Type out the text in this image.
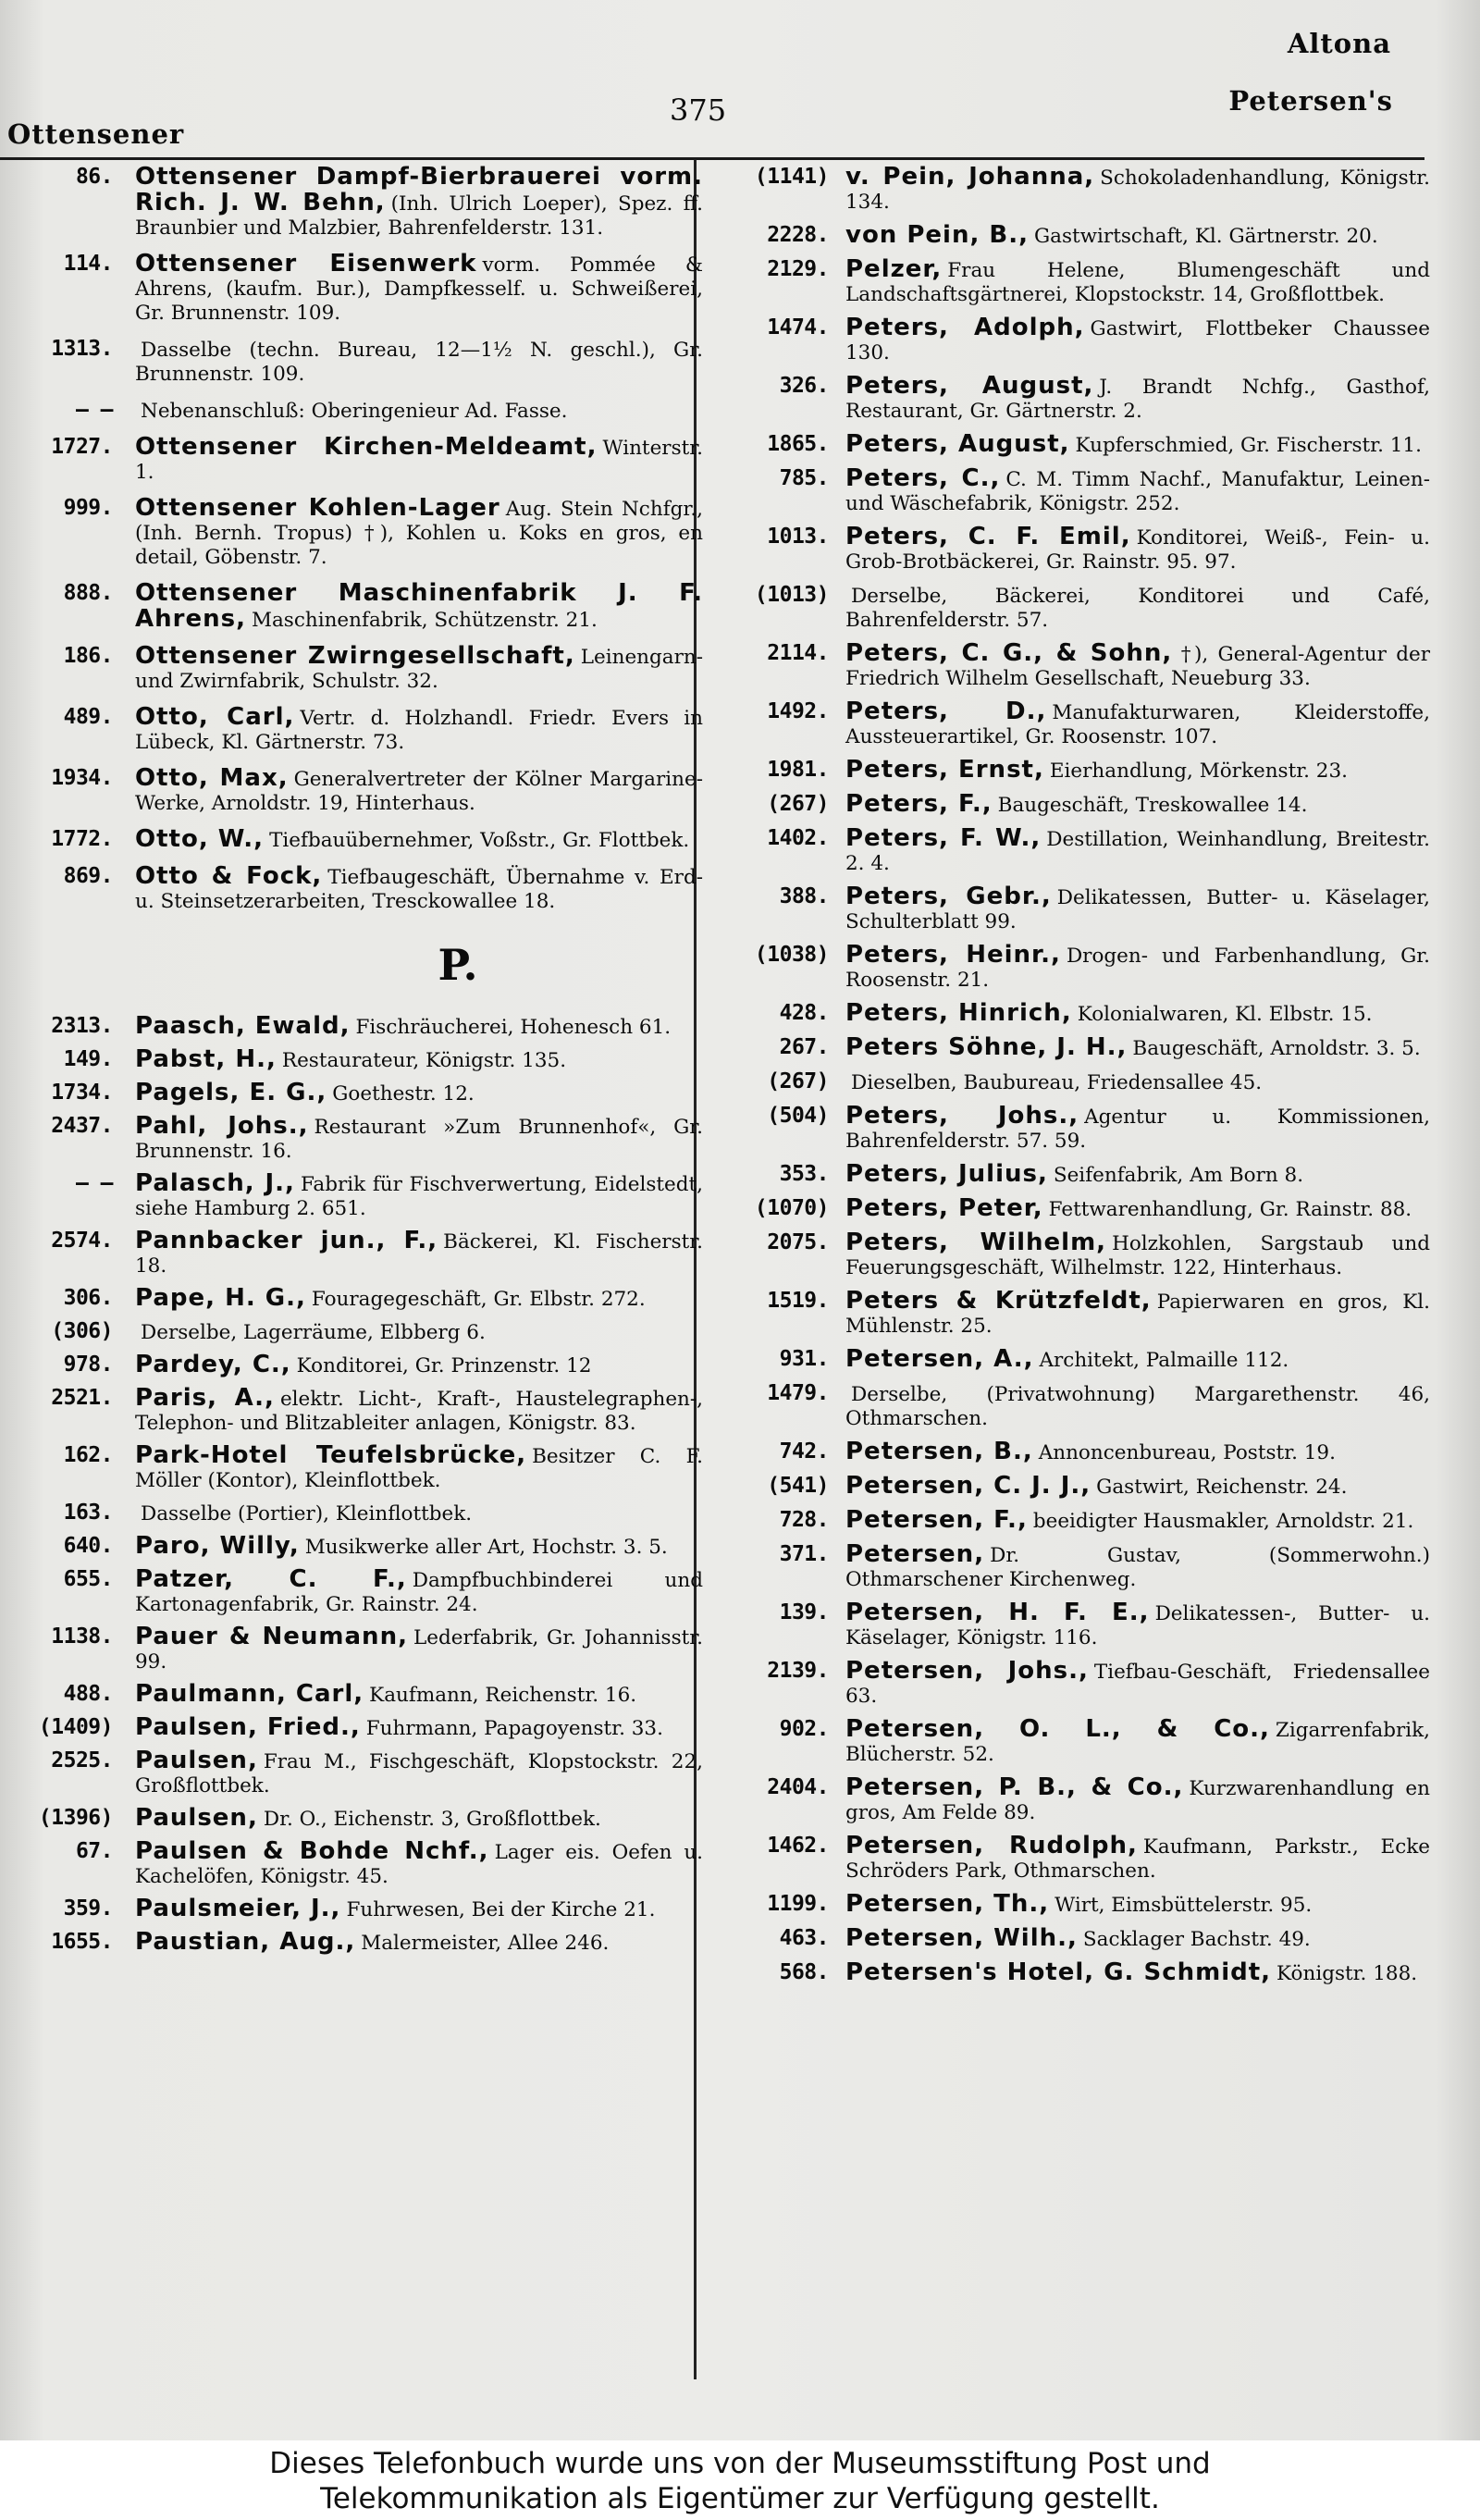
Altona

375

Ottensener

Petersen's

86. Ottensener Dampf-Bierbrauerei vorm. Rich. J. W. Behn, (Inh. Ulrich Loeper), Spez. ff. Braunbier und Malzbier, Bahrenfelderstr. 131.
114. Ottensener Eisenwerk vorm. Pommée & Ahrens, (kaufm. Bur.), Dampfkesself. u. Schweißerei, Gr. Brunnenstr. 109.
1313. Dasselbe (techn. Bureau, 12—1½ N. geschl.), Gr. Brunnenstr. 109.
— — Nebenanschluß: Oberingenieur Ad. Fasse.
1727. Ottensener Kirchen-Meldeamt, Winterstr. 1.
999. Ottensener Kohlen-Lager Aug. Stein Nchfgr., (Inh. Bernh. Tropus) †), Kohlen u. Koks en gros, en detail, Göbenstr. 7.
888. Ottensener Maschinenfabrik J. F. Ahrens, Maschinenfabrik, Schützenstr. 21.
186. Ottensener Zwirngesellschaft, Leinengarn- und Zwirnfabrik, Schulstr. 32.
489. Otto, Carl, Vertr. d. Holzhandl. Friedr. Evers in Lübeck, Kl. Gärtnerstr. 73.
1934. Otto, Max, Generalvertreter der Kölner Margarine-Werke, Arnoldstr. 19, Hinterhaus.
1772. Otto, W., Tiefbauübernehmer, Voßstr., Gr. Flottbek.
869. Otto & Fock, Tiefbaugeschäft, Übernahme v. Erd- u. Steinsetzerarbeiten, Tresckowallee 18.
P.
2313. Paasch, Ewald, Fischräucherei, Hohenesch 61.
149. Pabst, H., Restaurateur, Königstr. 135.
1734. Pagels, E. G., Goethestr. 12.
2437. Pahl, Johs., Restaurant »Zum Brunnenhof«, Gr. Brunnenstr. 16.
— — Palasch, J., Fabrik für Fischverwertung, Eidelstedt, siehe Hamburg 2. 651.
2574. Pannbacker jun., F., Bäckerei, Kl. Fischerstr. 18.
306. Pape, H. G., Fouragegeschäft, Gr. Elbstr. 272.
(306) Derselbe, Lagerräume, Elbberg 6.
978. Pardey, C., Konditorei, Gr. Prinzenstr. 12
2521. Paris, A., elektr. Licht-, Kraft-, Haustelegraphen-, Telephon- und Blitzableiter anlagen, Königstr. 83.
162. Park-Hotel Teufelsbrücke, Besitzer C. F. Möller (Kontor), Kleinflottbek.
163. Dasselbe (Portier), Kleinflottbek.
640. Paro, Willy, Musikwerke aller Art, Hochstr. 3. 5.
655. Patzer, C. F., Dampfbuchbinderei und Kartonagenfabrik, Gr. Rainstr. 24.
1138. Pauer & Neumann, Lederfabrik, Gr. Johannisstr. 99.
488. Paulmann, Carl, Kaufmann, Reichenstr. 16.
(1409) Paulsen, Fried., Fuhrmann, Papagoyenstr. 33.
2525. Paulsen, Frau M., Fischgeschäft, Klopstockstr. 22, Großflottbek.
(1396) Paulsen, Dr. O., Eichenstr. 3, Großflottbek.
67. Paulsen & Bohde Nchf., Lager eis. Oefen u. Kachelöfen, Königstr. 45.
359. Paulsmeier, J., Fuhrwesen, Bei der Kirche 21.
1655. Paustian, Aug., Malermeister, Allee 246.
(1141) v. Pein, Johanna, Schokoladenhandlung, Königstr. 134.
2228. von Pein, B., Gastwirtschaft, Kl. Gärtnerstr. 20.
2129. Pelzer, Frau Helene, Blumengeschäft und Landschaftsgärtnerei, Klopstockstr. 14, Großflottbek.
1474. Peters, Adolph, Gastwirt, Flottbeker Chaussee 130.
326. Peters, August, J. Brandt Nchfg., Gasthof, Restaurant, Gr. Gärtnerstr. 2.
1865. Peters, August, Kupferschmied, Gr. Fischerstr. 11.
785. Peters, C., C. M. Timm Nachf., Manufaktur, Leinen- und Wäschefabrik, Königstr. 252.
1013. Peters, C. F. Emil, Konditorei, Weiß-, Fein- u. Grob-Brotbäckerei, Gr. Rainstr. 95. 97.
(1013) Derselbe, Bäckerei, Konditorei und Café, Bahrenfelderstr. 57.
2114. Peters, C. G., & Sohn, †), General-Agentur der Friedrich Wilhelm Gesellschaft, Neueburg 33.
1492. Peters, D., Manufakturwaren, Kleiderstoffe, Aussteuerartikel, Gr. Roosenstr. 107.
1981. Peters, Ernst, Eierhandlung, Mörkenstr. 23.
(267) Peters, F., Baugeschäft, Treskowallee 14.
1402. Peters, F. W., Destillation, Weinhandlung, Breitestr. 2. 4.
388. Peters, Gebr., Delikatessen, Butter- u. Käselager, Schulterblatt 99.
(1038) Peters, Heinr., Drogen- und Farbenhandlung, Gr. Roosenstr. 21.
428. Peters, Hinrich, Kolonialwaren, Kl. Elbstr. 15.
267. Peters Söhne, J. H., Baugeschäft, Arnoldstr. 3. 5.
(267) Dieselben, Baubureau, Friedensallee 45.
(504) Peters, Johs., Agentur u. Kommissionen, Bahrenfelderstr. 57. 59.
353. Peters, Julius, Seifenfabrik, Am Born 8.
(1070) Peters, Peter, Fettwarenhandlung, Gr. Rainstr. 88.
2075. Peters, Wilhelm, Holzkohlen, Sargstaub und Feuerungsgeschäft, Wilhelmstr. 122, Hinterhaus.
1519. Peters & Krützfeldt, Papierwaren en gros, Kl. Mühlenstr. 25.
931. Petersen, A., Architekt, Palmaille 112.
1479. Derselbe, (Privatwohnung) Margarethenstr. 46, Othmarschen.
742. Petersen, B., Annoncenbureau, Poststr. 19.
(541) Petersen, C. J. J., Gastwirt, Reichenstr. 24.
728. Petersen, F., beeidigter Hausmakler, Arnoldstr. 21.
371. Petersen, Dr. Gustav, (Sommerwohn.) Othmarschener Kirchenweg.
139. Petersen, H. F. E., Delikatessen-, Butter- u. Käselager, Königstr. 116.
2139. Petersen, Johs., Tiefbau-Geschäft, Friedensallee 63.
902. Petersen, O. L., & Co., Zigarrenfabrik, Blücherstr. 52.
2404. Petersen, P. B., & Co., Kurzwarenhandlung en gros, Am Felde 89.
1462. Petersen, Rudolph, Kaufmann, Parkstr., Ecke Schröders Park, Othmarschen.
1199. Petersen, Th., Wirt, Eimsbüttelerstr. 95.
463. Petersen, Wilh., Sacklager Bachstr. 49.
568. Petersen's Hotel, G. Schmidt, Königstr. 188.
Dieses Telefonbuch wurde uns von der Museumsstiftung Post und
Telekommunikation als Eigentümer zur Verfügung gestellt.
